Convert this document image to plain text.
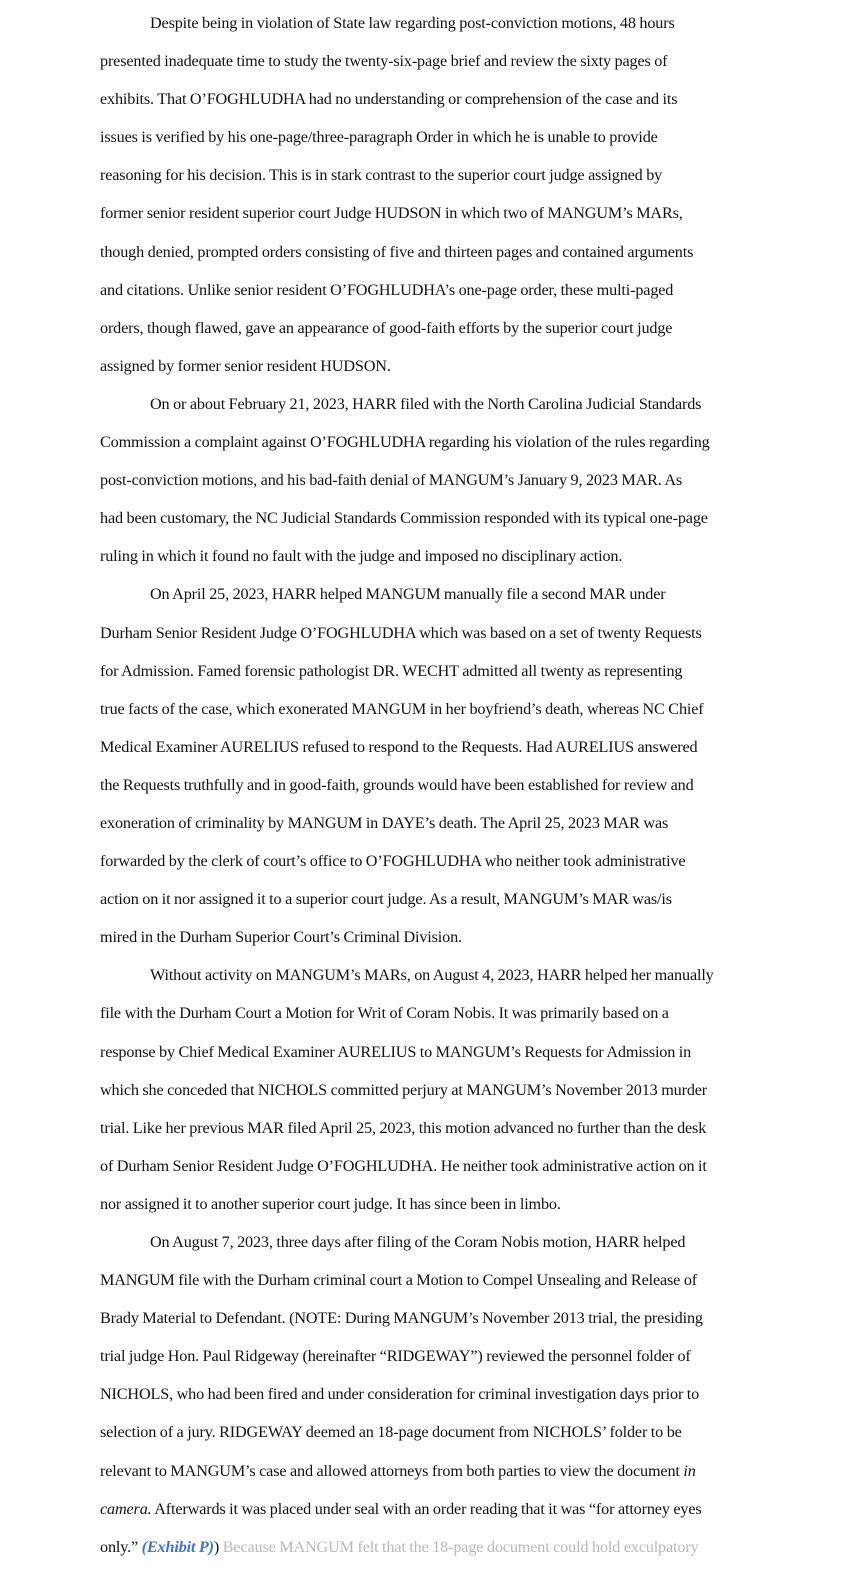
Despite being in violation of State law regarding post-conviction motions, 48 hours
presented inadequate time to study the twenty-six-page brief and review the sixty pages of
exhibits. That O’FOGHLUDHA had no understanding or comprehension of the case and its
issues is verified by his one-page/three-paragraph Order in which he is unable to provide
reasoning for his decision. This is in stark contrast to the superior court judge assigned by
former senior resident superior court Judge HUDSON in which two of MANGUM’s MARs,
though denied, prompted orders consisting of five and thirteen pages and contained arguments
and citations. Unlike senior resident O’FOGHLUDHA’s one-page order, these multi-paged
orders, though flawed, gave an appearance of good-faith efforts by the superior court judge
assigned by former senior resident HUDSON.
On or about February 21, 2023, HARR filed with the North Carolina Judicial Standards
Commission a complaint against O’FOGHLUDHA regarding his violation of the rules regarding
post-conviction motions, and his bad-faith denial of MANGUM’s January 9, 2023 MAR. As
had been customary, the NC Judicial Standards Commission responded with its typical one-page
ruling in which it found no fault with the judge and imposed no disciplinary action.
On April 25, 2023, HARR helped MANGUM manually file a second MAR under
Durham Senior Resident Judge O’FOGHLUDHA which was based on a set of twenty Requests
for Admission. Famed forensic pathologist DR. WECHT admitted all twenty as representing
true facts of the case, which exonerated MANGUM in her boyfriend’s death, whereas NC Chief
Medical Examiner AURELIUS refused to respond to the Requests. Had AURELIUS answered
the Requests truthfully and in good-faith, grounds would have been established for review and
exoneration of criminality by MANGUM in DAYE’s death. The April 25, 2023 MAR was
forwarded by the clerk of court’s office to O’FOGHLUDHA who neither took administrative
action on it nor assigned it to a superior court judge. As a result, MANGUM’s MAR was/is
mired in the Durham Superior Court’s Criminal Division.
Without activity on MANGUM’s MARs, on August 4, 2023, HARR helped her manually
file with the Durham Court a Motion for Writ of Coram Nobis. It was primarily based on a
response by Chief Medical Examiner AURELIUS to MANGUM’s Requests for Admission in
which she conceded that NICHOLS committed perjury at MANGUM’s November 2013 murder
trial. Like her previous MAR filed April 25, 2023, this motion advanced no further than the desk
of Durham Senior Resident Judge O’FOGHLUDHA. He neither took administrative action on it
nor assigned it to another superior court judge. It has since been in limbo.
On August 7, 2023, three days after filing of the Coram Nobis motion, HARR helped
MANGUM file with the Durham criminal court a Motion to Compel Unsealing and Release of
Brady Material to Defendant. (NOTE: During MANGUM’s November 2013 trial, the presiding
trial judge Hon. Paul Ridgeway (hereinafter “RIDGEWAY”) reviewed the personnel folder of
NICHOLS, who had been fired and under consideration for criminal investigation days prior to
selection of a jury. RIDGEWAY deemed an 18-page document from NICHOLS’ folder to be
relevant to MANGUM’s case and allowed attorneys from both parties to view the document in
camera. Afterwards it was placed under seal with an order reading that it was “for attorney eyes
only.” (Exhibit P)) Because MANGUM felt that the 18-page document could hold exculpatory
